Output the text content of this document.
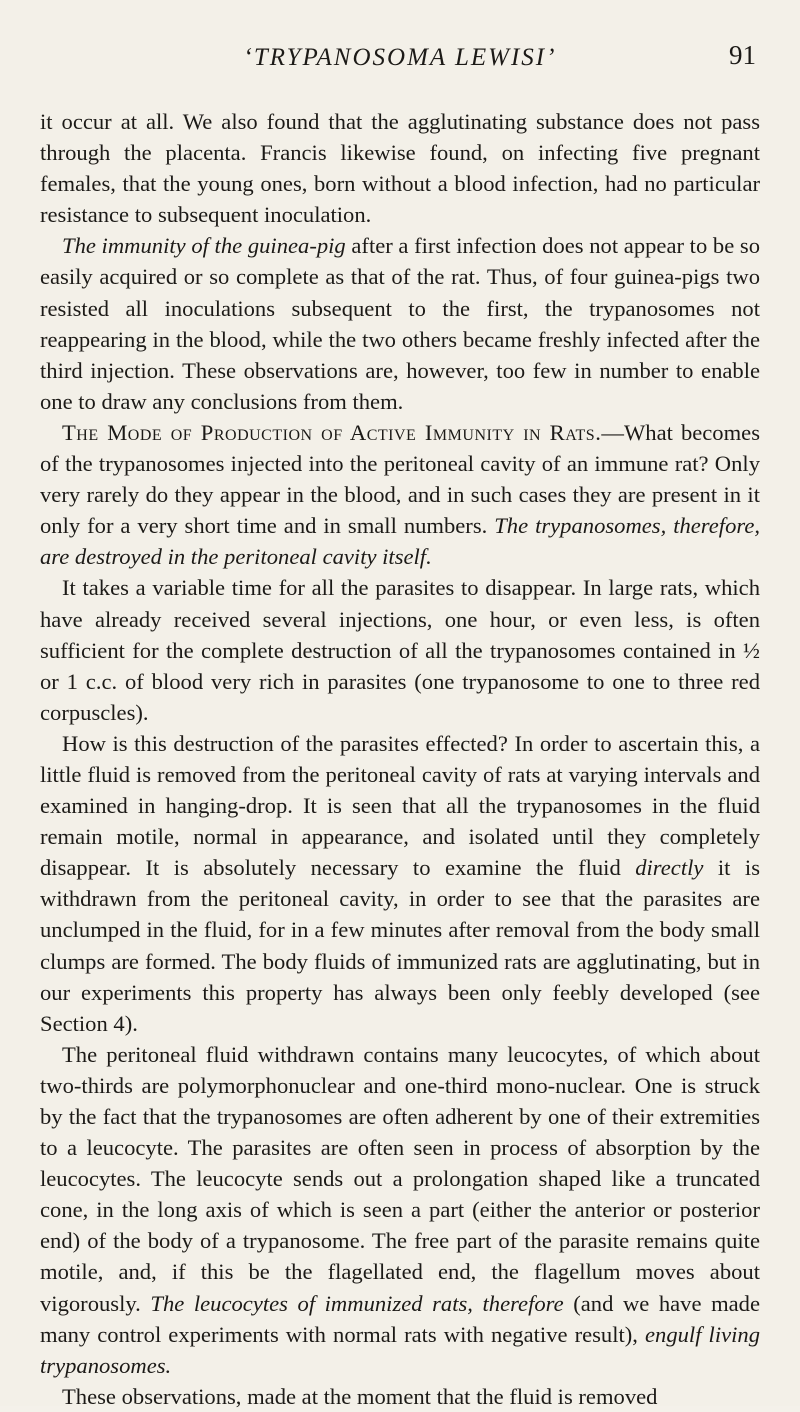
‘TRYPANOSOMA LEWISI’	91

it occur at all. We also found that the agglutinating substance does not pass through the placenta. Francis likewise found, on infecting five pregnant females, that the young ones, born without a blood infection, had no particular resistance to subsequent inoculation.

The immunity of the guinea-pig after a first infection does not appear to be so easily acquired or so complete as that of the rat. Thus, of four guinea-pigs two resisted all inoculations subsequent to the first, the trypanosomes not reappearing in the blood, while the two others became freshly infected after the third injection. These observations are, however, too few in number to enable one to draw any conclusions from them.

The Mode of Production of Active Immunity in Rats.—What becomes of the trypanosomes injected into the peritoneal cavity of an immune rat? Only very rarely do they appear in the blood, and in such cases they are present in it only for a very short time and in small numbers. The trypanosomes, therefore, are destroyed in the peritoneal cavity itself.

It takes a variable time for all the parasites to disappear. In large rats, which have already received several injections, one hour, or even less, is often sufficient for the complete destruction of all the trypanosomes contained in ½ or 1 c.c. of blood very rich in parasites (one trypanosome to one to three red corpuscles).

How is this destruction of the parasites effected? In order to ascertain this, a little fluid is removed from the peritoneal cavity of rats at varying intervals and examined in hanging-drop. It is seen that all the trypanosomes in the fluid remain motile, normal in appearance, and isolated until they completely disappear. It is absolutely necessary to examine the fluid directly it is withdrawn from the peritoneal cavity, in order to see that the parasites are unclumped in the fluid, for in a few minutes after removal from the body small clumps are formed. The body fluids of immunized rats are agglutinating, but in our experiments this property has always been only feebly developed (see Section 4).

The peritoneal fluid withdrawn contains many leucocytes, of which about two-thirds are polymorphonuclear and one-third mono-nuclear. One is struck by the fact that the trypanosomes are often adherent by one of their extremities to a leucocyte. The parasites are often seen in process of absorption by the leucocytes. The leucocyte sends out a prolongation shaped like a truncated cone, in the long axis of which is seen a part (either the anterior or posterior end) of the body of a trypanosome. The free part of the parasite remains quite motile, and, if this be the flagellated end, the flagellum moves about vigorously. The leucocytes of immunized rats, therefore (and we have made many control experiments with normal rats with negative result), engulf living trypanosomes.

These observations, made at the moment that the fluid is removed
